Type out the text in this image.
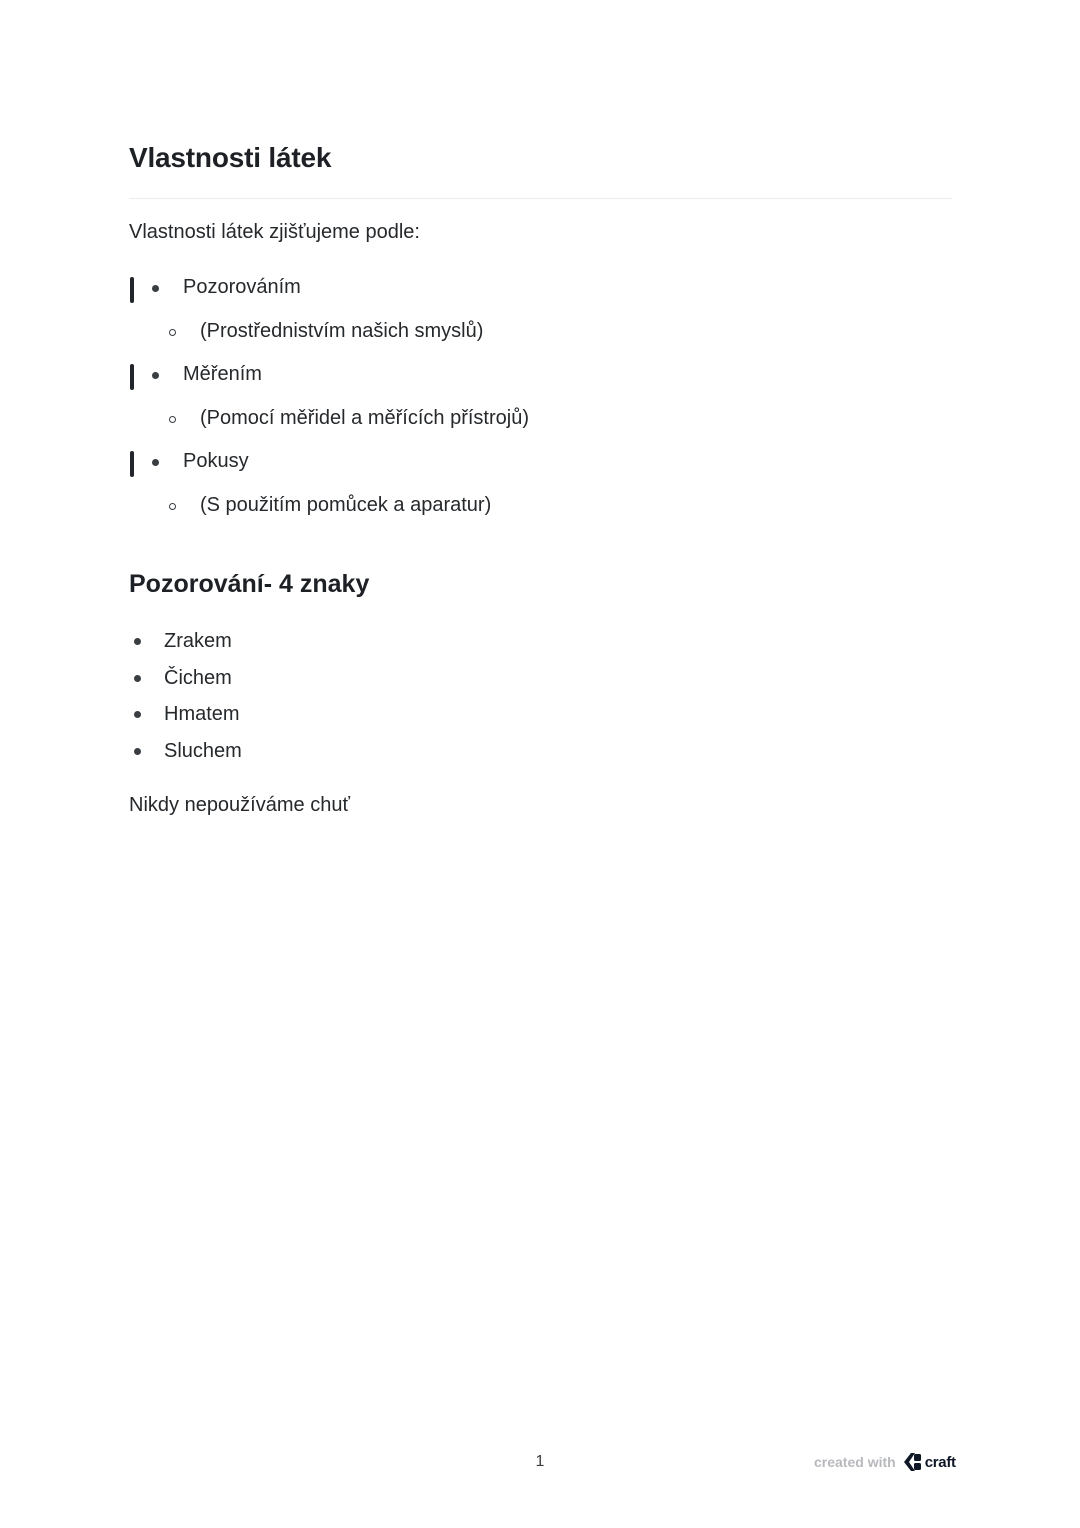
Vlastnosti látek

Vlastnosti látek zjišťujeme podle:

Pozorováním
(Prostřednistvím našich smyslů)
Měřením
(Pomocí měřidel a měřících přístrojů)
Pokusy
(S použitím pomůcek a aparatur)
Pozorování- 4 znaky
Zrakem
Čichem
Hmatem
Sluchem

Nikdy nepoužíváme chuť

1	created with craft
